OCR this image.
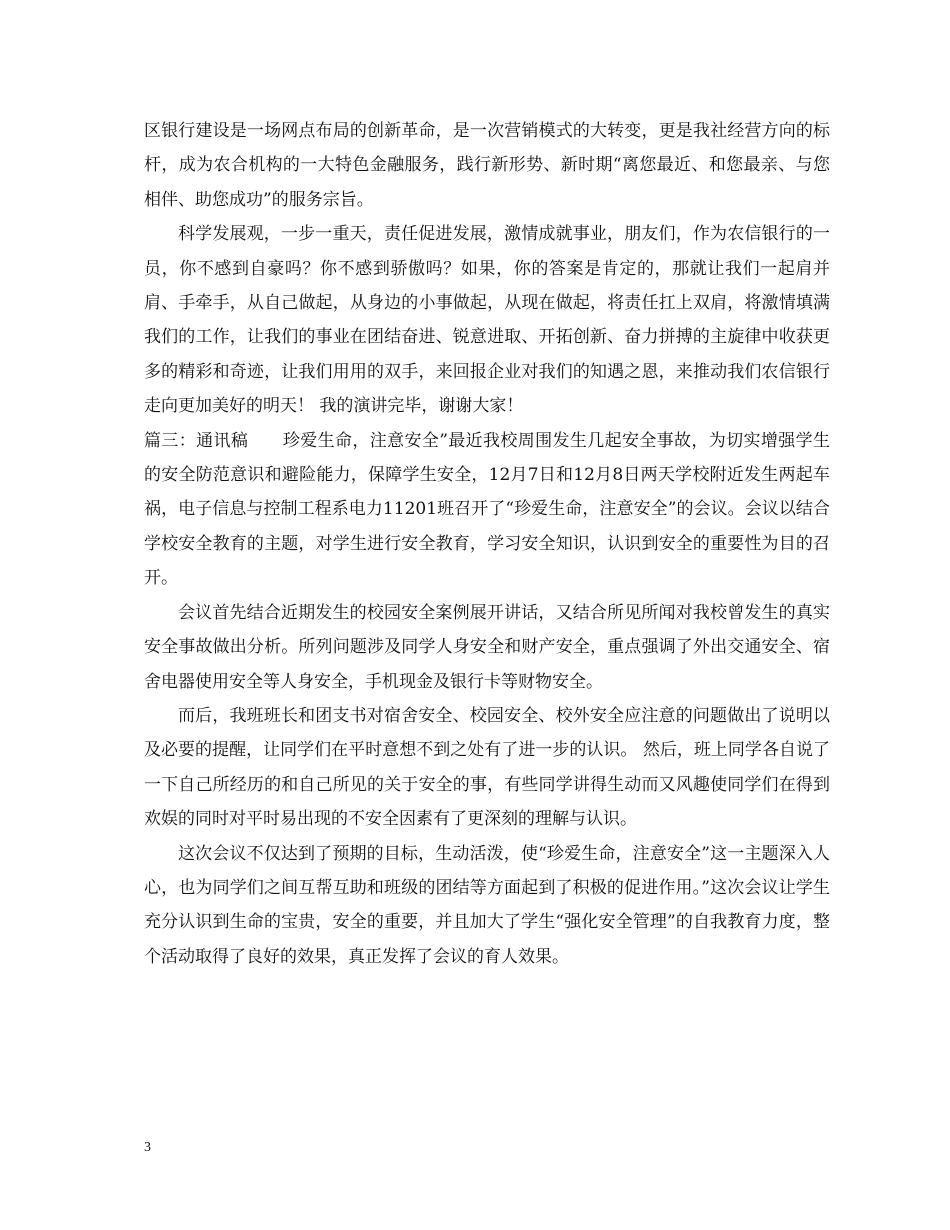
区银行建设是一场网点布局的创新革命，是一次营销模式的大转变，更是我社经营方向的标杆，成为农合机构的一大特色金融服务，践行新形势、新时期“离您最近、和您最亲、与您相伴、助您成功”的服务宗旨。

科学发展观，一步一重天，责任促进发展，激情成就事业，朋友们，作为农信银行的一员，你不感到自豪吗？你不感到骄傲吗？如果，你的答案是肯定的，那就让我们一起肩并肩、手牵手，从自己做起，从身边的小事做起，从现在做起，将责任扛上双肩，将激情填满我们的工作，让我们的事业在团结奋进、锐意进取、开拓创新、奋力拼搏的主旋律中收获更多的精彩和奇迹，让我们用用的双手，来回报企业对我们的知遇之恩，来推动我们农信银行走向更加美好的明天！ 我的演讲完毕，谢谢大家！

篇三：通讯稿　　珍爱生命，注意安全”最近我校周围发生几起安全事故，为切实增强学生的安全防范意识和避险能力，保障学生安全，12月7日和12月8日两天学校附近发生两起车祸，电子信息与控制工程系电力11201班召开了“珍爱生命，注意安全”的会议。会议以结合学校安全教育的主题，对学生进行安全教育，学习安全知识，认识到安全的重要性为目的召开。

会议首先结合近期发生的校园安全案例展开讲话，又结合所见所闻对我校曾发生的真实安全事故做出分析。所列问题涉及同学人身安全和财产安全，重点强调了外出交通安全、宿舍电器使用安全等人身安全，手机现金及银行卡等财物安全。

而后，我班班长和团支书对宿舍安全、校园安全、校外安全应注意的问题做出了说明以及必要的提醒，让同学们在平时意想不到之处有了进一步的认识。 然后，班上同学各自说了一下自己所经历的和自己所见的关于安全的事，有些同学讲得生动而又风趣使同学们在得到欢娱的同时对平时易出现的不安全因素有了更深刻的理解与认识。

这次会议不仅达到了预期的目标，生动活泼，使“珍爱生命，注意安全”这一主题深入人心，也为同学们之间互帮互助和班级的团结等方面起到了积极的促进作用。”这次会议让学生充分认识到生命的宝贵，安全的重要，并且加大了学生“强化安全管理”的自我教育力度，整个活动取得了良好的效果，真正发挥了会议的育人效果。

3
